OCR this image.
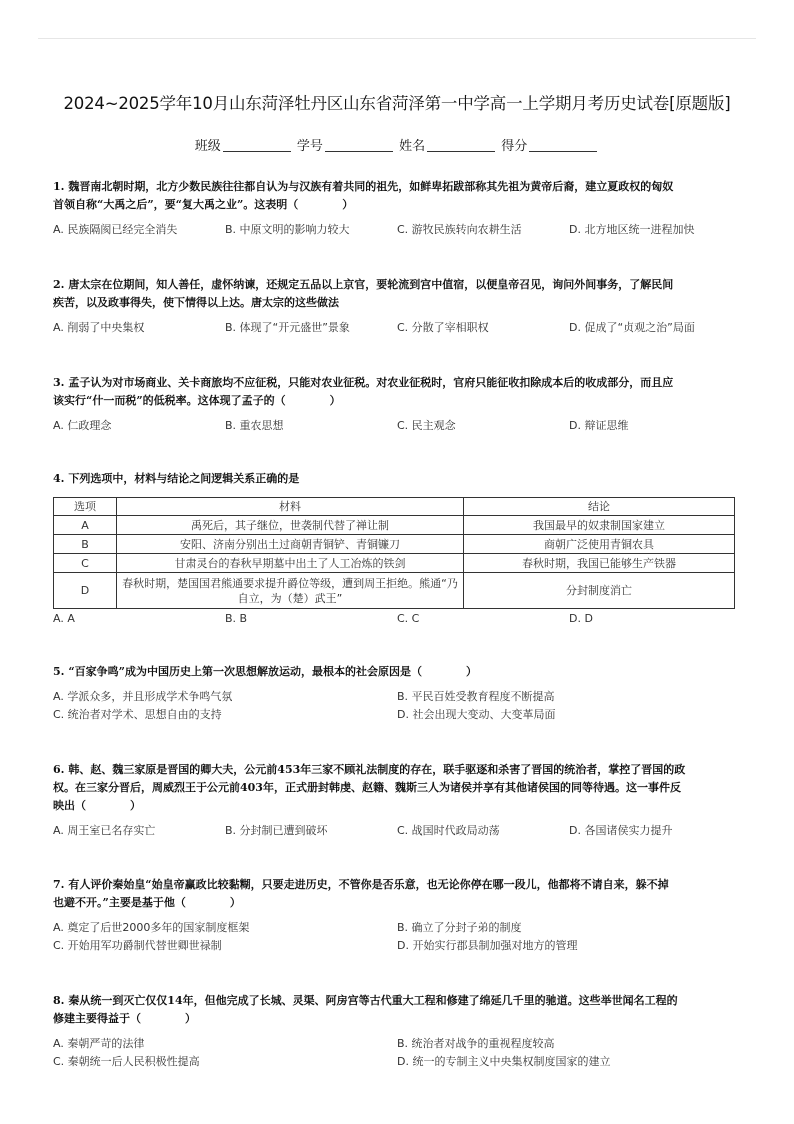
2024~2025学年10月山东菏泽牡丹区山东省菏泽第一中学高一上学期月考历史试卷[原题版]
班级	学号	姓名	得分
1. 魏晋南北朝时期，北方少数民族往往都自认为与汉族有着共同的祖先，如鲜卑拓跋部称其先祖为黄帝后裔，建立夏政权的匈奴
首领自称“大禹之后”，要“复大禹之业”。这表明（　　　　）
A. 民族隔阂已经完全消失	B. 中原文明的影响力较大	C. 游牧民族转向农耕生活	D. 北方地区统一进程加快
2. 唐太宗在位期间，知人善任，虚怀纳谏，还规定五品以上京官，要轮流到宫中值宿，以便皇帝召见，询问外间事务，了解民间
疾苦，以及政事得失，使下情得以上达。唐太宗的这些做法
A. 削弱了中央集权	B. 体现了“开元盛世”景象	C. 分散了宰相职权	D. 促成了“贞观之治”局面
3. 孟子认为对市场商业、关卡商旅均不应征税，只能对农业征税。对农业征税时，官府只能征收扣除成本后的收成部分，而且应
该实行“什一而税”的低税率。这体现了孟子的（　　　　）
A. 仁政理念	B. 重农思想	C. 民主观念	D. 辩证思维
4. 下列选项中，材料与结论之间逻辑关系正确的是
选项	材料	结论
A	禹死后，其子继位，世袭制代替了禅让制	我国最早的奴隶制国家建立
B	安阳、济南分别出土过商朝青铜铲、青铜镰刀	商朝广泛使用青铜农具
C	甘肃灵台的春秋早期墓中出土了人工冶炼的铁剑	春秋时期，我国已能够生产铁器
D	春秋时期，楚国国君熊通要求提升爵位等级，遭到周王拒绝。熊通“乃自立，为（楚）武王”	分封制度消亡
A. A	B. B	C. C	D. D
5. “百家争鸣”成为中国历史上第一次思想解放运动，最根本的社会原因是（　　　　）
A. 学派众多，并且形成学术争鸣气氛	B. 平民百姓受教育程度不断提高
C. 统治者对学术、思想自由的支持	D. 社会出现大变动、大变革局面
6. 韩、赵、魏三家原是晋国的卿大夫，公元前453年三家不顾礼法制度的存在，联手驱逐和杀害了晋国的统治者，掌控了晋国的政
权。在三家分晋后，周威烈王于公元前403年，正式册封韩虔、赵籍、魏斯三人为诸侯并享有其他诸侯国的同等待遇。这一事件反
映出（　　　　）
A. 周王室已名存实亡	B. 分封制已遭到破坏	C. 战国时代政局动荡	D. 各国诸侯实力提升
7. 有人评价秦始皇“始皇帝赢政比较黏糊，只要走进历史，不管你是否乐意，也无论你停在哪一段儿，他都将不请自来，躲不掉
也避不开。”主要是基于他（　　　　）
A. 奠定了后世2000多年的国家制度框架	B. 确立了分封子弟的制度
C. 开始用军功爵制代替世卿世禄制	D. 开始实行郡县制加强对地方的管理
8. 秦从统一到灭亡仅仅14年，但他完成了长城、灵渠、阿房宫等古代重大工程和修建了绵延几千里的驰道。这些举世闻名工程的
修建主要得益于（　　　　）
A. 秦朝严苛的法律	B. 统治者对战争的重视程度较高
C. 秦朝统一后人民积极性提高	D. 统一的专制主义中央集权制度国家的建立
